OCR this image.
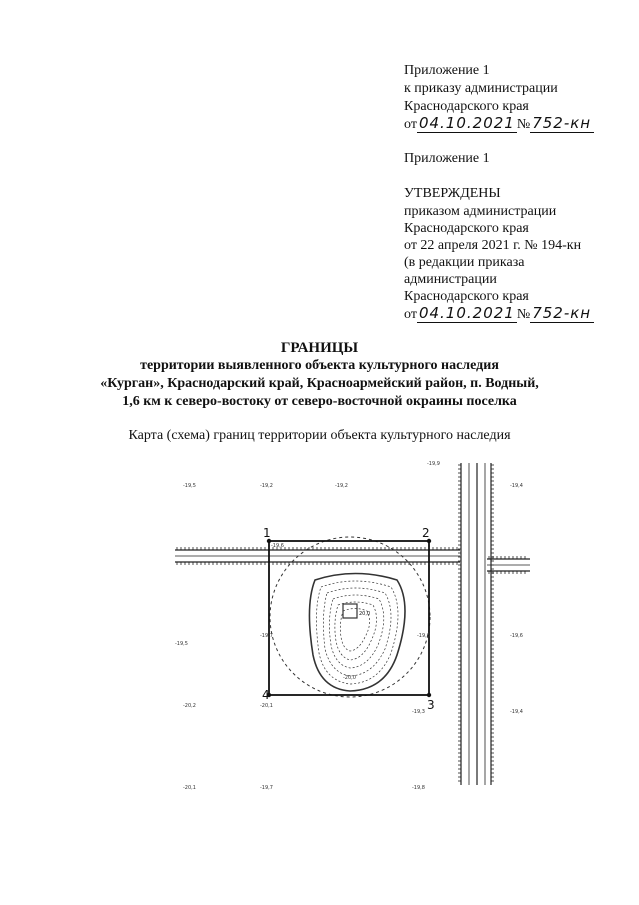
Приложение 1
к приказу администрации
Краснодарского края
от 04.10.2021 № 752-кн
Приложение 1
УТВЕРЖДЕНЫ
приказом администрации
Краснодарского края
от 22 апреля 2021 г. № 194-кн
(в редакции приказа
администрации
Краснодарского края
от 04.10.2021 № 752-кн
ГРАНИЦЫ
территории выявленного объекта культурного наследия
«Курган», Краснодарский край, Красноармейский район, п. Водный,
1,6 км к северо-востоку от северо-восточной окраины поселка
Карта (схема) границ территории объекта культурного наследия
20,0
1	2
3
4
-19,5	-19,2	-19,2
-19,9
-19,4
-19,6
-19,5
-19,7	-19,6
-20,2	-20,1
-19,3	-19,4
-20,1	-19,7	-19,8
-20,0
-19,6
